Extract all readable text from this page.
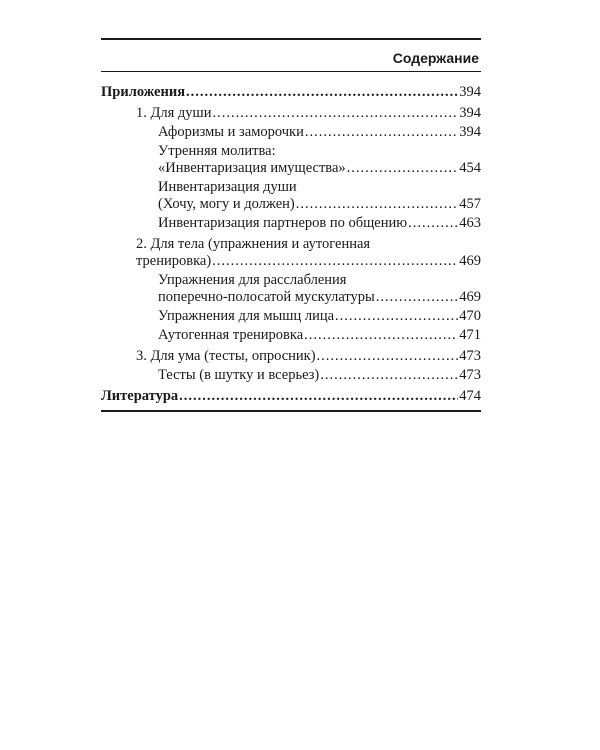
Содержание
Приложения .....	394
1. Для души .....	394
Афоризмы и заморочки .....	394
Утренняя молитва:
«Инвентаризация имущества» .....	454
Инвентаризация души
(Хочу, могу и должен) .....	457
Инвентаризация партнеров по общению .....	463
2. Для тела (упражнения и аутогенная
тренировка) .....	469
Упражнения для расслабления
поперечно-полосатой мускулатуры .....	469
Упражнения для мышц лица .....	470
Аутогенная тренировка .....	471
3. Для ума (тесты, опросник) .....	473
Тесты (в шутку и всерьез) .....	473
Литература .....	474
